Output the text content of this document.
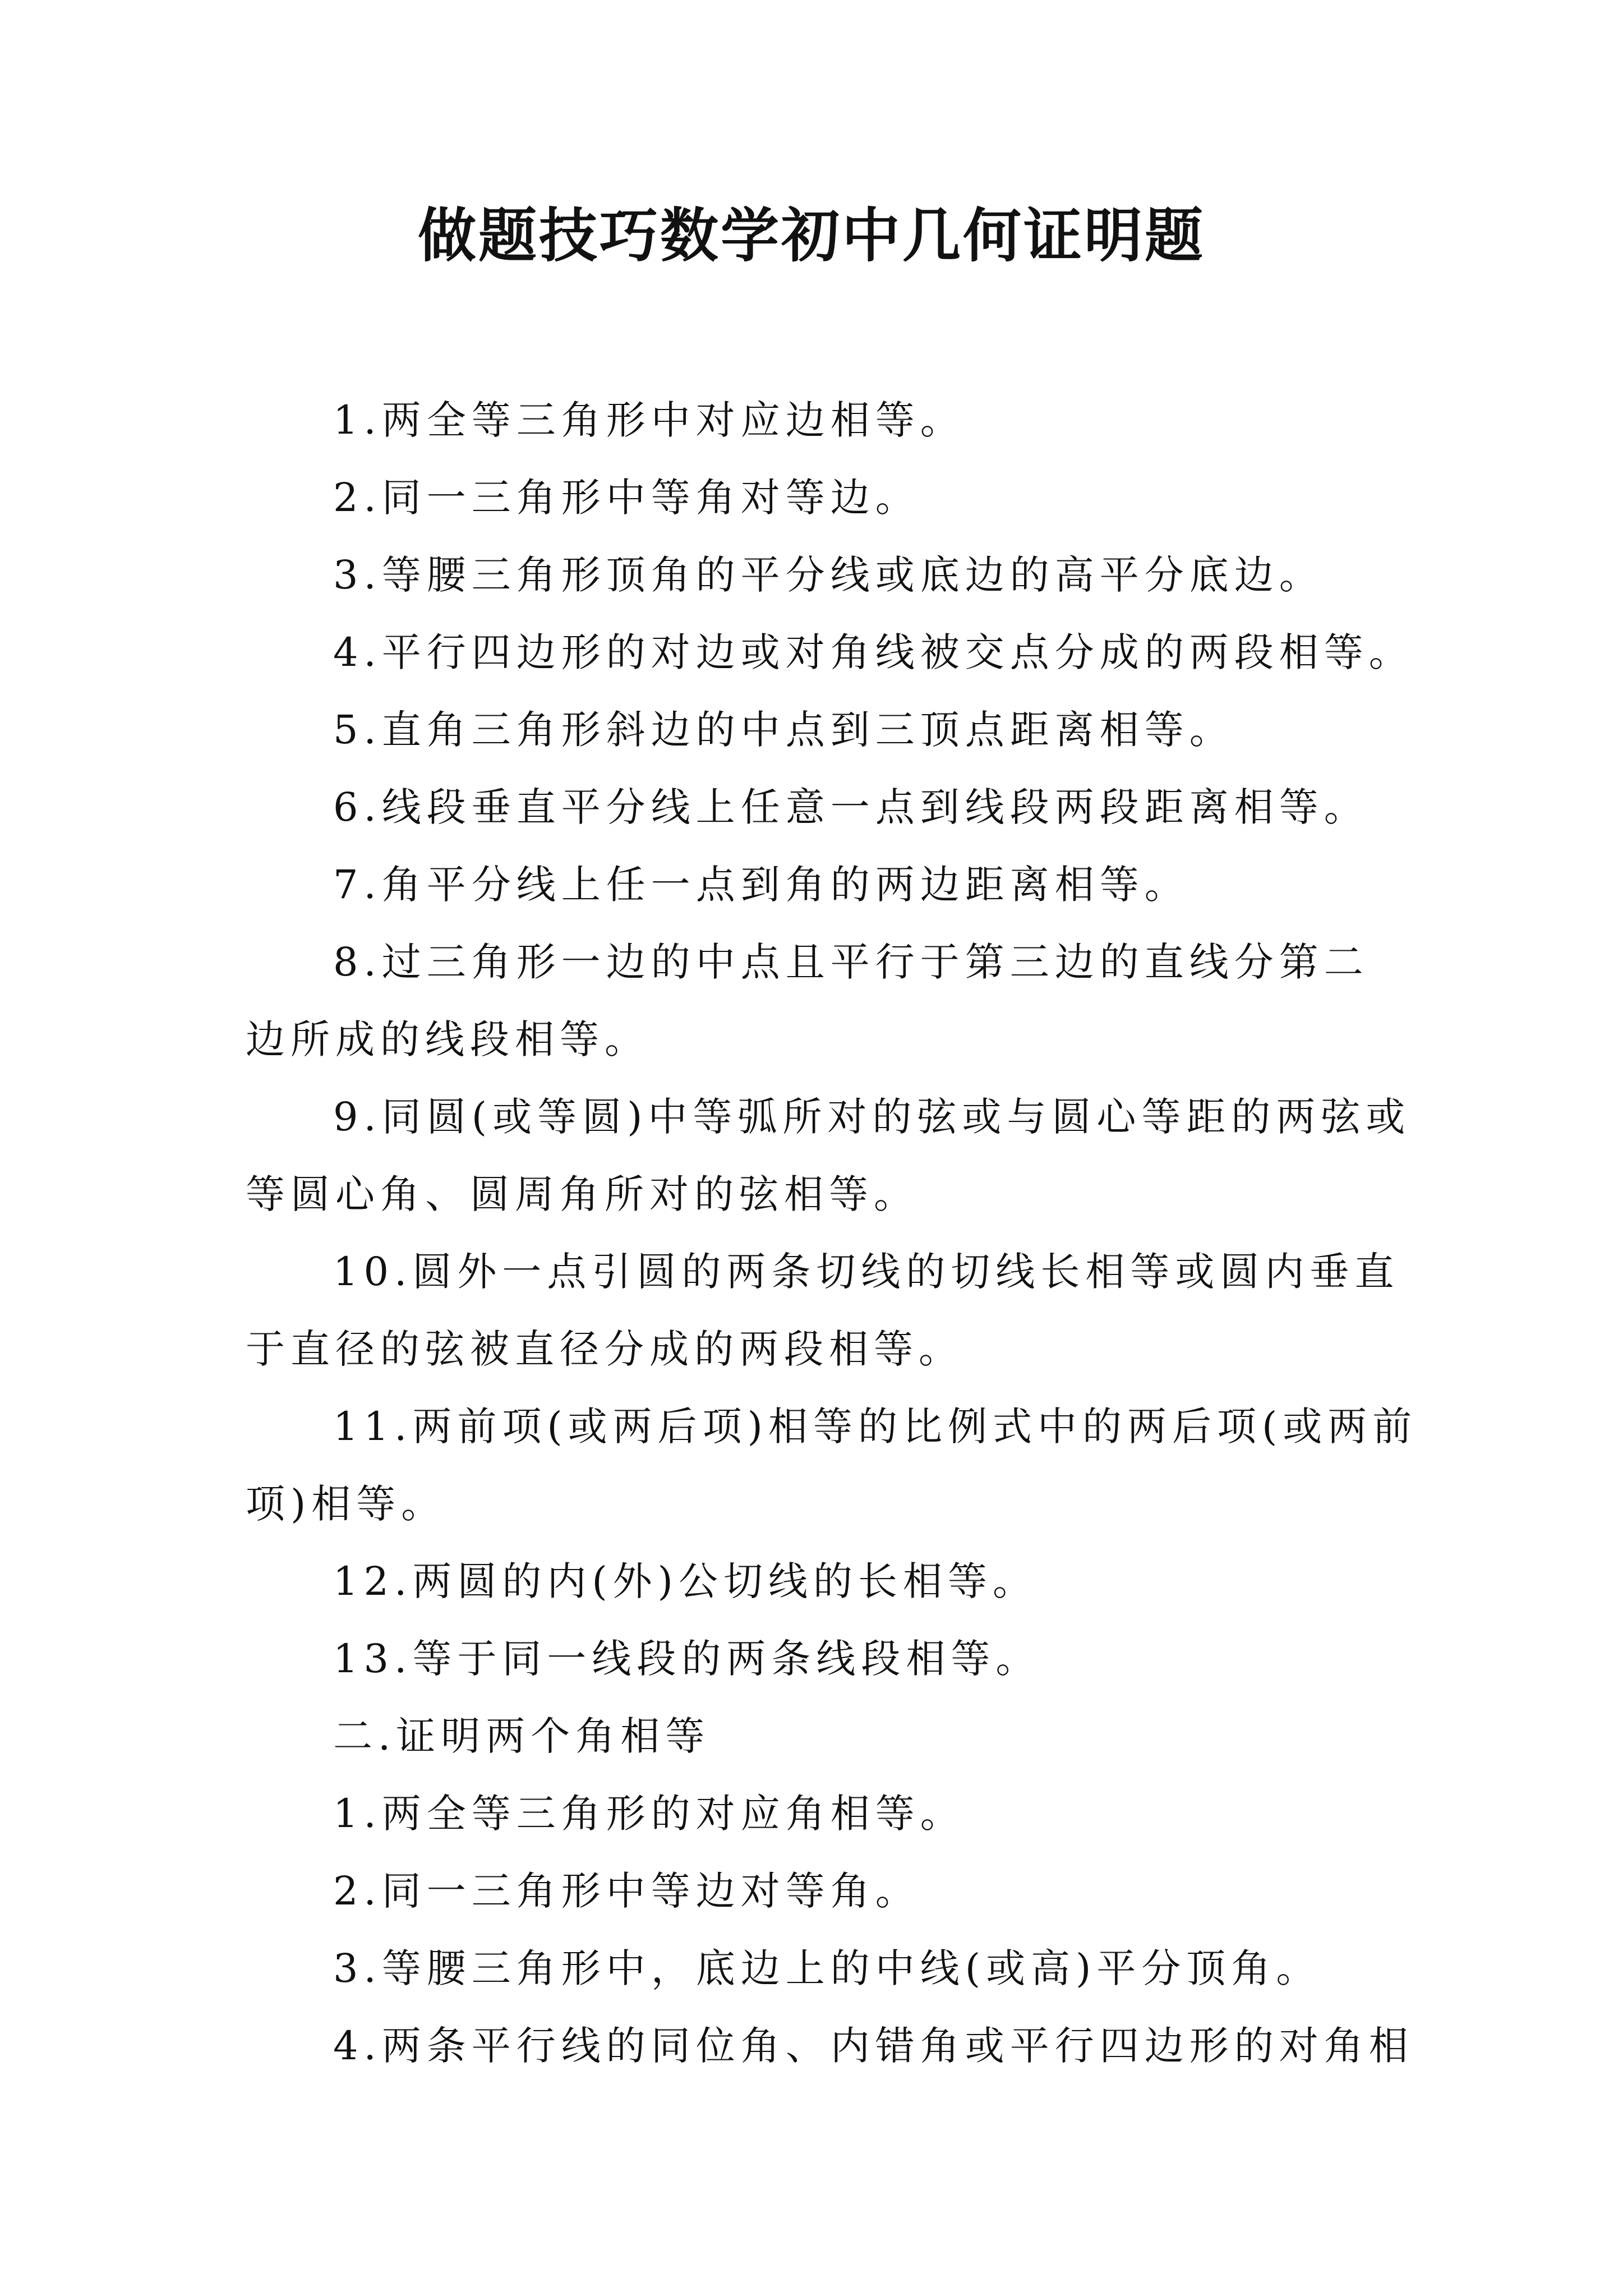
做题技巧数学初中几何证明题

1.两全等三角形中对应边相等。

2.同一三角形中等角对等边。

3.等腰三角形顶角的平分线或底边的高平分底边。

4.平行四边形的对边或对角线被交点分成的两段相等。

5.直角三角形斜边的中点到三顶点距离相等。

6.线段垂直平分线上任意一点到线段两段距离相等。

7.角平分线上任一点到角的两边距离相等。

8.过三角形一边的中点且平行于第三边的直线分第二

边所成的线段相等。

9.同圆(或等圆)中等弧所对的弦或与圆心等距的两弦或

等圆心角、圆周角所对的弦相等。

10.圆外一点引圆的两条切线的切线长相等或圆内垂直

于直径的弦被直径分成的两段相等。

11.两前项(或两后项)相等的比例式中的两后项(或两前

项)相等。

12.两圆的内(外)公切线的长相等。

13.等于同一线段的两条线段相等。

二.证明两个角相等

1.两全等三角形的对应角相等。

2.同一三角形中等边对等角。

3.等腰三角形中，底边上的中线(或高)平分顶角。

4.两条平行线的同位角、内错角或平行四边形的对角相
